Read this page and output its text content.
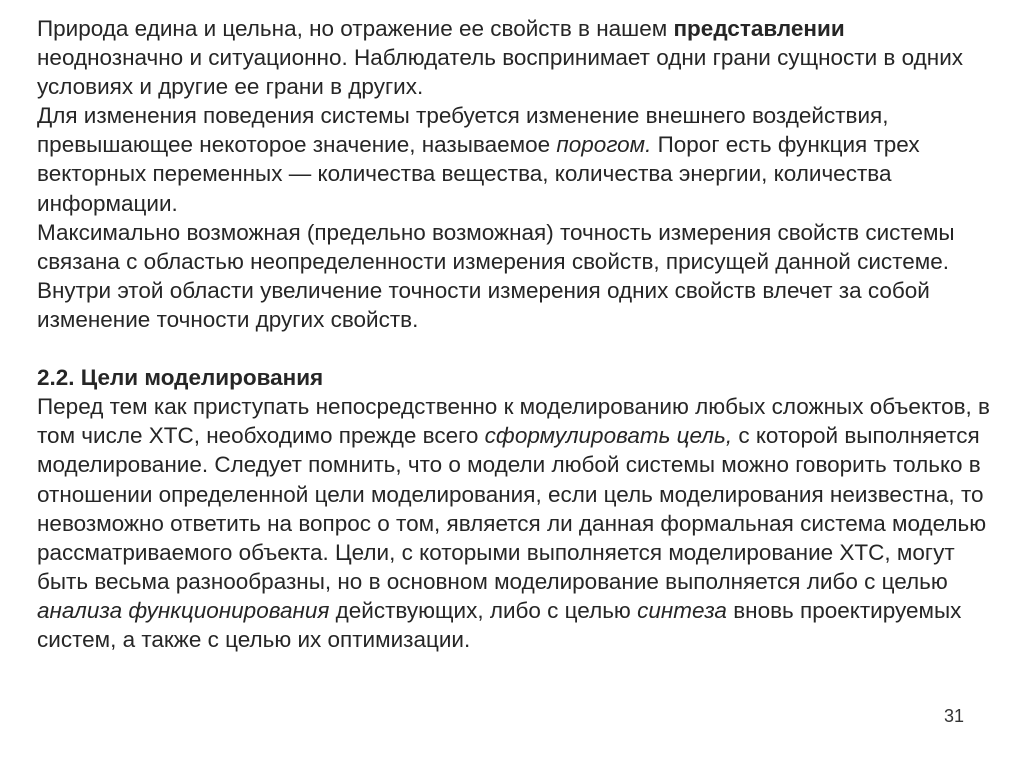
Природа едина и цельна, но отражение ее свойств в нашем представлении неоднозначно и ситуационно. Наблюдатель воспринимает одни грани сущности в одних условиях и другие ее грани в других.

Для изменения поведения системы требуется изменение внешнего воздействия, превышающее некоторое значение, называемое порогом. Порог есть функция трех векторных переменных — количества вещества, количества энергии, количества информации.

Максимально возможная (предельно возможная) точность измерения свойств системы связана с областью неопределенности измерения свойств, присущей данной системе. Внутри этой области увеличение точности измерения одних свойств влечет за собой изменение точности других свойств.

2.2. Цели моделирования

Перед тем как приступать непосредственно к моделированию любых сложных объектов, в том числе ХТС, необходимо прежде всего сформулировать цель, с которой выполняется моделирование. Следует помнить, что о модели любой системы можно говорить только в отношении определенной цели моделирования, если цель моделирования неизвестна, то невозможно ответить на вопрос о том, является ли данная формальная система моделью рассматриваемого объекта. Цели, с которыми выполняется моделирование ХТС, могут быть весьма разнообразны, но в основном моделирование выполняется либо с целью анализа функционирования действующих, либо с целью синтеза вновь проектируемых систем, а также с целью их оптимизации.

31
